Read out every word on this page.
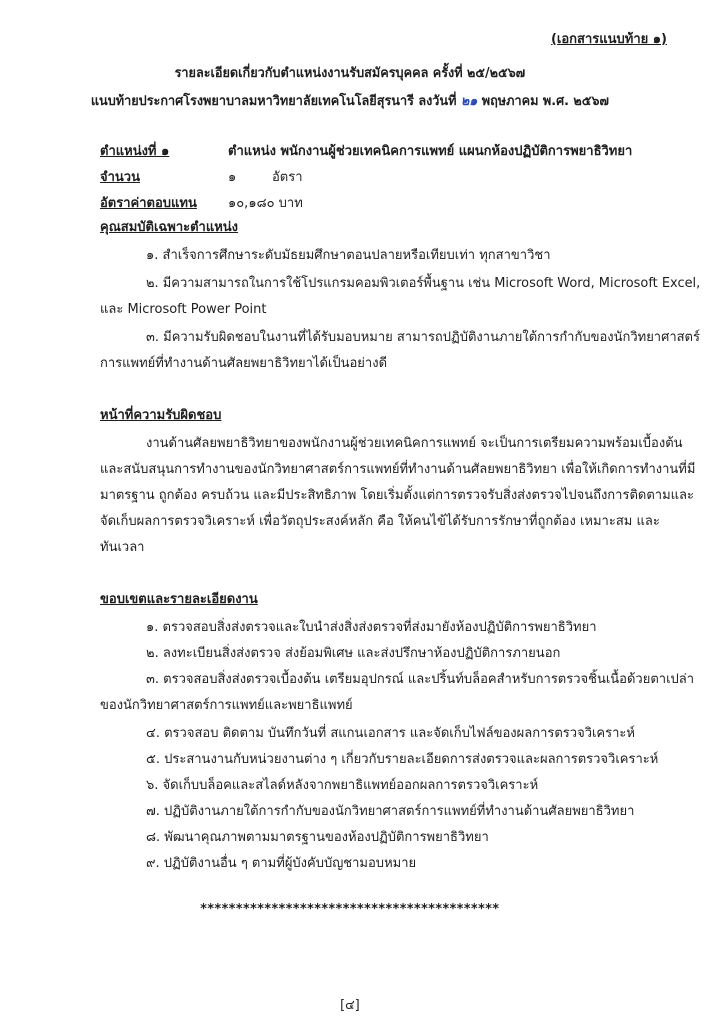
(เอกสารแนบท้าย ๑)
รายละเอียดเกี่ยวกับตำแหน่งงานรับสมัครบุคคล ครั้งที่ ๒๕/๒๕๖๗
แนบท้ายประกาศโรงพยาบาลมหาวิทยาลัยเทคโนโลยีสุรนารี ลงวันที่ ๒๑ พฤษภาคม พ.ศ. ๒๕๖๗
ตำแหน่งที่ ๑	ตำแหน่ง พนักงานผู้ช่วยเทคนิคการแพทย์ แผนกห้องปฏิบัติการพยาธิวิทยา
จำนวน	๑	อัตรา
อัตราค่าตอบแทน ๑๐,๑๘๐ บาท
คุณสมบัติเฉพาะตำแหน่ง
๑. สำเร็จการศึกษาระดับมัธยมศึกษาตอนปลายหรือเทียบเท่า ทุกสาขาวิชา
๒. มีความสามารถในการใช้โปรแกรมคอมพิวเตอร์พื้นฐาน เช่น Microsoft Word, Microsoft Excel,
และ Microsoft Power Point
๓. มีความรับผิดชอบในงานที่ได้รับมอบหมาย สามารถปฏิบัติงานภายใต้การกำกับของนักวิทยาศาสตร์
การแพทย์ที่ทำงานด้านศัลยพยาธิวิทยาได้เป็นอย่างดี
หน้าที่ความรับผิดชอบ
งานด้านศัลยพยาธิวิทยาของพนักงานผู้ช่วยเทคนิคการแพทย์ จะเป็นการเตรียมความพร้อมเบื้องต้น
และสนับสนุนการทำงานของนักวิทยาศาสตร์การแพทย์ที่ทำงานด้านศัลยพยาธิวิทยา เพื่อให้เกิดการทำงานที่มี
มาตรฐาน ถูกต้อง ครบถ้วน และมีประสิทธิภาพ โดยเริ่มตั้งแต่การตรวจรับสิ่งส่งตรวจไปจนถึงการติดตามและ
จัดเก็บผลการตรวจวิเคราะห์ เพื่อวัตถุประสงค์หลัก คือ ให้คนไข้ได้รับการรักษาที่ถูกต้อง เหมาะสม และ
ทันเวลา
ขอบเขตและรายละเอียดงาน
๑. ตรวจสอบสิ่งส่งตรวจและใบนำส่งสิ่งส่งตรวจที่ส่งมายังห้องปฏิบัติการพยาธิวิทยา
๒. ลงทะเบียนสิ่งส่งตรวจ ส่งย้อมพิเศษ และส่งปรึกษาห้องปฏิบัติการภายนอก
๓. ตรวจสอบสิ่งส่งตรวจเบื้องต้น เตรียมอุปกรณ์ และปริ้นท์บล็อคสำหรับการตรวจชิ้นเนื้อด้วยตาเปล่า
ของนักวิทยาศาสตร์การแพทย์และพยาธิแพทย์
๔. ตรวจสอบ ติดตาม บันทึกวันที่ สแกนเอกสาร และจัดเก็บไฟล์ของผลการตรวจวิเคราะห์
๕. ประสานงานกับหน่วยงานต่าง ๆ เกี่ยวกับรายละเอียดการส่งตรวจและผลการตรวจวิเคราะห์
๖. จัดเก็บบล็อคและสไลด์หลังจากพยาธิแพทย์ออกผลการตรวจวิเคราะห์
๗. ปฏิบัติงานภายใต้การกำกับของนักวิทยาศาสตร์การแพทย์ที่ทำงานด้านศัลยพยาธิวิทยา
๘. พัฒนาคุณภาพตามมาตรฐานของห้องปฏิบัติการพยาธิวิทยา
๙. ปฏิบัติงานอื่น ๆ ตามที่ผู้บังคับบัญชามอบหมาย
******************************************
[๔]
